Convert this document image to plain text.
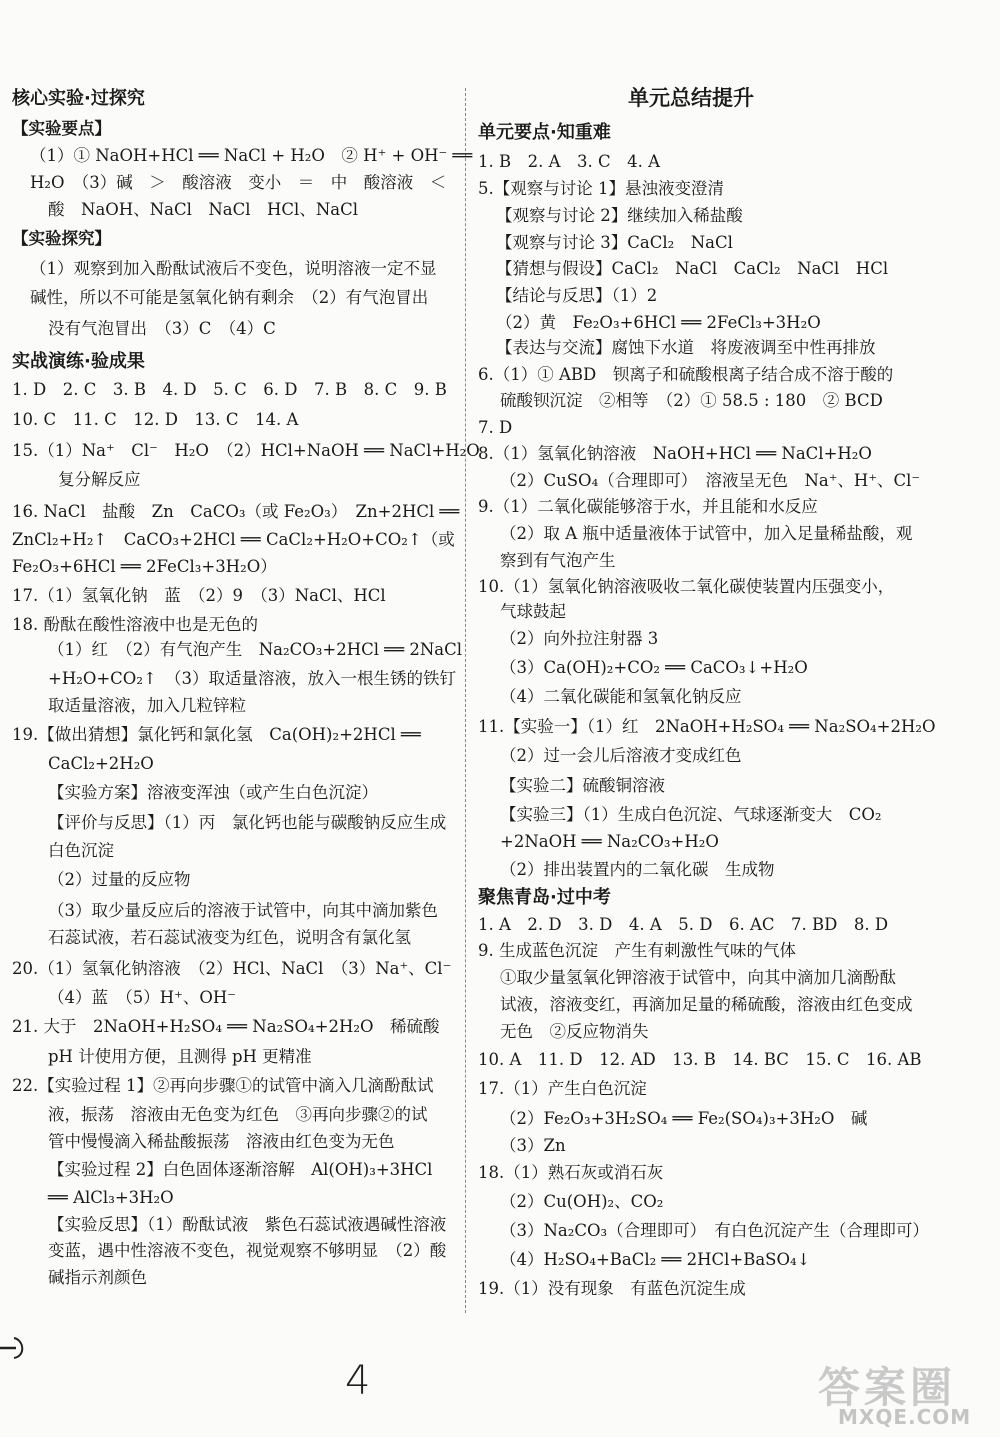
核心实验·过探究
【实验要点】
（1）① NaOH+HCl ══ NaCl + H₂O　② H⁺ + OH⁻ ══
H₂O　（3）碱　＞　酸溶液　变小　＝　中　酸溶液　＜
酸　NaOH、NaCl　NaCl　HCl、NaCl
【实验探究】
（1）观察到加入酚酞试液后不变色，说明溶液一定不显
碱性，所以不可能是氢氧化钠有剩余　（2）有气泡冒出
没有气泡冒出　（3）C　（4）C
实战演练·验成果
1. D　2. C　3. B　4. D　5. C　6. D　7. B　8. C　9. B
10. C　11. C　12. D　13. C　14. A
15.（1）Na⁺　Cl⁻　H₂O　（2）HCl+NaOH ══ NaCl+H₂O
复分解反应
16. NaCl　盐酸　Zn　CaCO₃（或 Fe₂O₃）　Zn+2HCl ══
ZnCl₂+H₂↑　CaCO₃+2HCl ══ CaCl₂+H₂O+CO₂↑（或
Fe₂O₃+6HCl ══ 2FeCl₃+3H₂O）
17.（1）氢氧化钠　蓝　（2）9　（3）NaCl、HCl
18. 酚酞在酸性溶液中也是无色的
（1）红　（2）有气泡产生　Na₂CO₃+2HCl ══ 2NaCl
+H₂O+CO₂↑　（3）取适量溶液，放入一根生锈的铁钉
取适量溶液，加入几粒锌粒
19.【做出猜想】氯化钙和氯化氢　Ca(OH)₂+2HCl ══
CaCl₂+2H₂O
【实验方案】溶液变浑浊（或产生白色沉淀）
【评价与反思】（1）丙　氯化钙也能与碳酸钠反应生成
白色沉淀
（2）过量的反应物
（3）取少量反应后的溶液于试管中，向其中滴加紫色
石蕊试液，若石蕊试液变为红色，说明含有氯化氢
20.（1）氢氧化钠溶液　（2）HCl、NaCl　（3）Na⁺、Cl⁻
（4）蓝　（5）H⁺、OH⁻
21. 大于　2NaOH+H₂SO₄ ══ Na₂SO₄+2H₂O　稀硫酸
pH 计使用方便，且测得 pH 更精准
22.【实验过程 1】②再向步骤①的试管中滴入几滴酚酞试
液，振荡　溶液由无色变为红色　③再向步骤②的试
管中慢慢滴入稀盐酸振荡　溶液由红色变为无色
【实验过程 2】白色固体逐渐溶解　Al(OH)₃+3HCl
══ AlCl₃+3H₂O
【实验反思】（1）酚酞试液　紫色石蕊试液遇碱性溶液
变蓝，遇中性溶液不变色，视觉观察不够明显　（2）酸
碱指示剂颜色
单元总结提升
单元要点·知重难
1. B　2. A　3. C　4. A
5.【观察与讨论 1】悬浊液变澄清
【观察与讨论 2】继续加入稀盐酸
【观察与讨论 3】CaCl₂　NaCl
【猜想与假设】CaCl₂　NaCl　CaCl₂　NaCl　HCl
【结论与反思】（1）2
（2）黄　Fe₂O₃+6HCl ══ 2FeCl₃+3H₂O
【表达与交流】腐蚀下水道　将废液调至中性再排放
6.（1）① ABD　钡离子和硫酸根离子结合成不溶于酸的
硫酸钡沉淀　②相等　（2）① 58.5 : 180　② BCD
7. D
8.（1）氢氧化钠溶液　NaOH+HCl ══ NaCl+H₂O
（2）CuSO₄（合理即可）　溶液呈无色　Na⁺、H⁺、Cl⁻
9.（1）二氧化碳能够溶于水，并且能和水反应
（2）取 A 瓶中适量液体于试管中，加入足量稀盐酸，观
察到有气泡产生
10.（1）氢氧化钠溶液吸收二氧化碳使装置内压强变小，
气球鼓起
（2）向外拉注射器 3
（3）Ca(OH)₂+CO₂ ══ CaCO₃↓+H₂O
（4）二氧化碳能和氢氧化钠反应
11.【实验一】（1）红　2NaOH+H₂SO₄ ══ Na₂SO₄+2H₂O
（2）过一会儿后溶液才变成红色
【实验二】硫酸铜溶液
【实验三】（1）生成白色沉淀、气球逐渐变大　CO₂
+2NaOH ══ Na₂CO₃+H₂O
（2）排出装置内的二氧化碳　生成物
聚焦青岛·过中考
1. A　2. D　3. D　4. A　5. D　6. AC　7. BD　8. D
9. 生成蓝色沉淀　产生有刺激性气味的气体
①取少量氢氧化钾溶液于试管中，向其中滴加几滴酚酞
试液，溶液变红，再滴加足量的稀硫酸，溶液由红色变成
无色　②反应物消失
10. A　11. D　12. AD　13. B　14. BC　15. C　16. AB
17.（1）产生白色沉淀
（2）Fe₂O₃+3H₂SO₄ ══ Fe₂(SO₄)₃+3H₂O　碱
（3）Zn
18.（1）熟石灰或消石灰
（2）Cu(OH)₂、CO₂
（3）Na₂CO₃（合理即可）　有白色沉淀产生（合理即可）
（4）H₂SO₄+BaCl₂ ══ 2HCl+BaSO₄↓
19.（1）没有现象　有蓝色沉淀生成
4	答案圈
MXQE.COM
